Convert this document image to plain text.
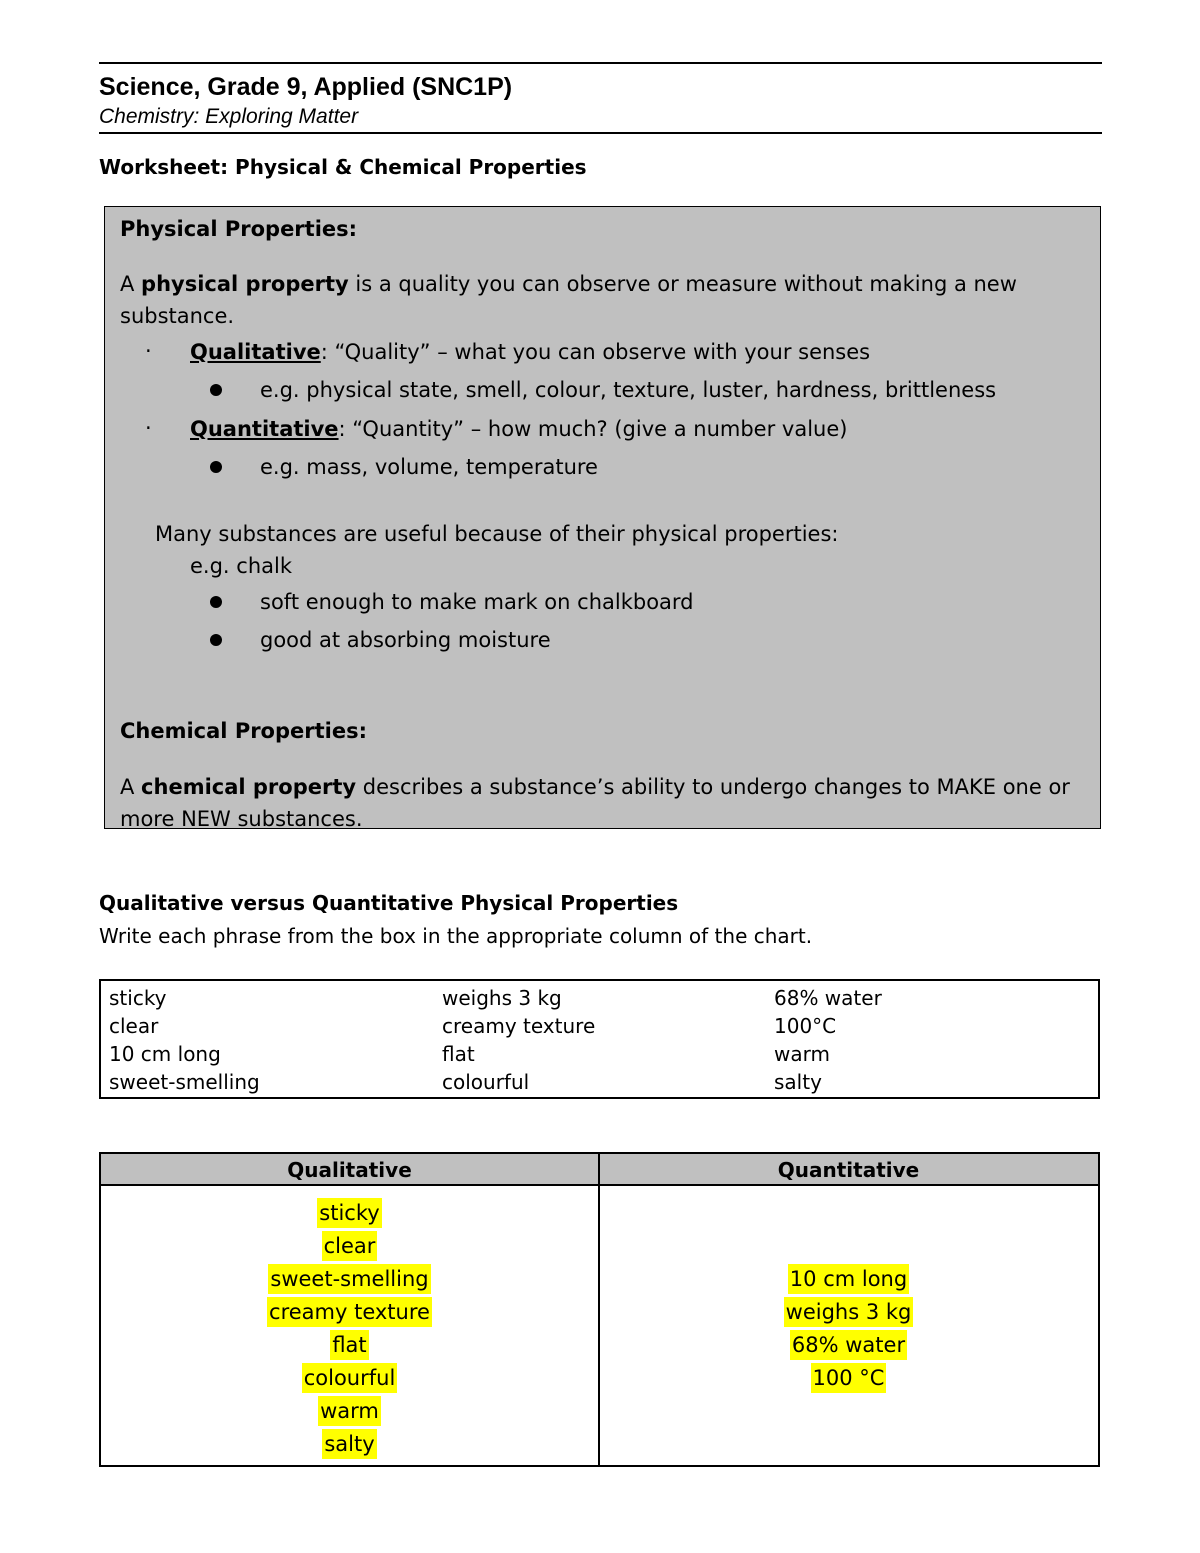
Science, Grade 9, Applied (SNC1P)
Chemistry: Exploring Matter
Worksheet: Physical & Chemical Properties
Physical Properties:
A physical property is a quality you can observe or measure without making a new
substance.
· Qualitative: “Quality” – what you can observe with your senses
e.g. physical state, smell, colour, texture, luster, hardness, brittleness
· Quantitative: “Quantity” – how much? (give a number value)
e.g. mass, volume, temperature
Many substances are useful because of their physical properties:
e.g. chalk
soft enough to make mark on chalkboard
good at absorbing moisture
Chemical Properties:
A chemical property describes a substance’s ability to undergo changes to MAKE one or
more NEW substances.
Qualitative versus Quantitative Physical Properties
Write each phrase from the box in the appropriate column of the chart.
sticky
clear
10 cm long
sweet-smelling
weighs 3 kg
creamy texture
flat
colourful
68% water
100°C
warm
salty
Qualitative	Quantitative
sticky
clear
sweet-smelling
creamy texture
flat
colourful
warm
salty
10 cm long
weighs 3 kg
68% water
100 °C
